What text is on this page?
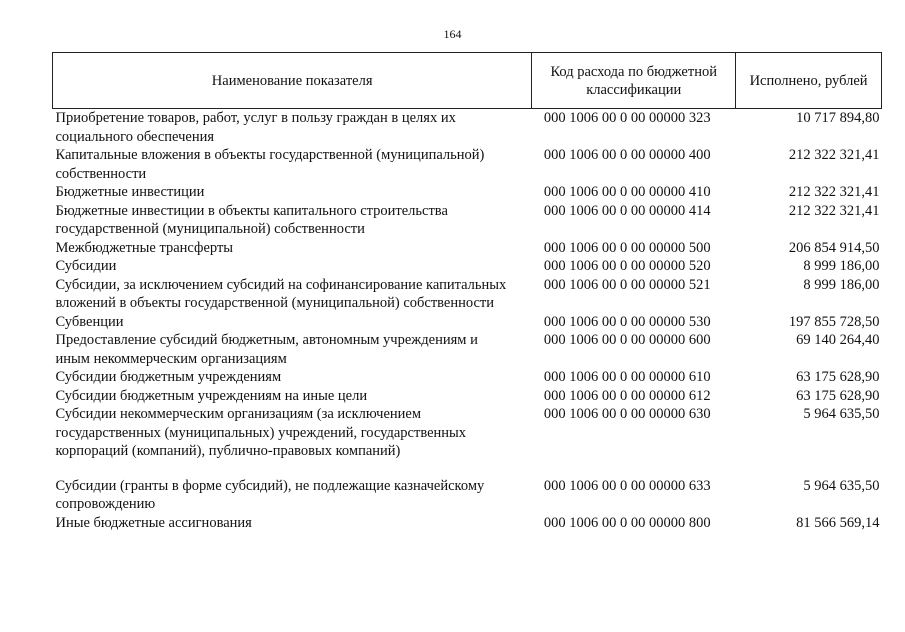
164
Наименование показателя	Код расхода по бюджетной классификации	Исполнено, рублей
Приобретение товаров, работ, услуг в пользу граждан в целях их социального обеспечения	000 1006 00 0 00 00000 323	10 717 894,80
Капитальные вложения в объекты государственной (муниципальной) собственности	000 1006 00 0 00 00000 400	212 322 321,41
Бюджетные инвестиции	000 1006 00 0 00 00000 410	212 322 321,41
Бюджетные инвестиции в объекты капитального строительства государственной (муниципальной) собственности	000 1006 00 0 00 00000 414	212 322 321,41
Межбюджетные трансферты	000 1006 00 0 00 00000 500	206 854 914,50
Субсидии	000 1006 00 0 00 00000 520	8 999 186,00
Субсидии, за исключением субсидий на софинансирование капитальных вложений в объекты государственной (муниципальной) собственности	000 1006 00 0 00 00000 521	8 999 186,00
Субвенции	000 1006 00 0 00 00000 530	197 855 728,50
Предоставление субсидий бюджетным, автономным учреждениям и иным некоммерческим организациям	000 1006 00 0 00 00000 600	69 140 264,40
Субсидии бюджетным учреждениям	000 1006 00 0 00 00000 610	63 175 628,90
Субсидии бюджетным учреждениям на иные цели	000 1006 00 0 00 00000 612	63 175 628,90
Субсидии некоммерческим организациям (за исключением государственных (муниципальных) учреждений, государственных корпораций (компаний), публично-правовых компаний)	000 1006 00 0 00 00000 630	5 964 635,50
Субсидии (гранты в форме субсидий), не подлежащие казначейскому сопровождению	000 1006 00 0 00 00000 633	5 964 635,50
Иные бюджетные ассигнования	000 1006 00 0 00 00000 800	81 566 569,14
